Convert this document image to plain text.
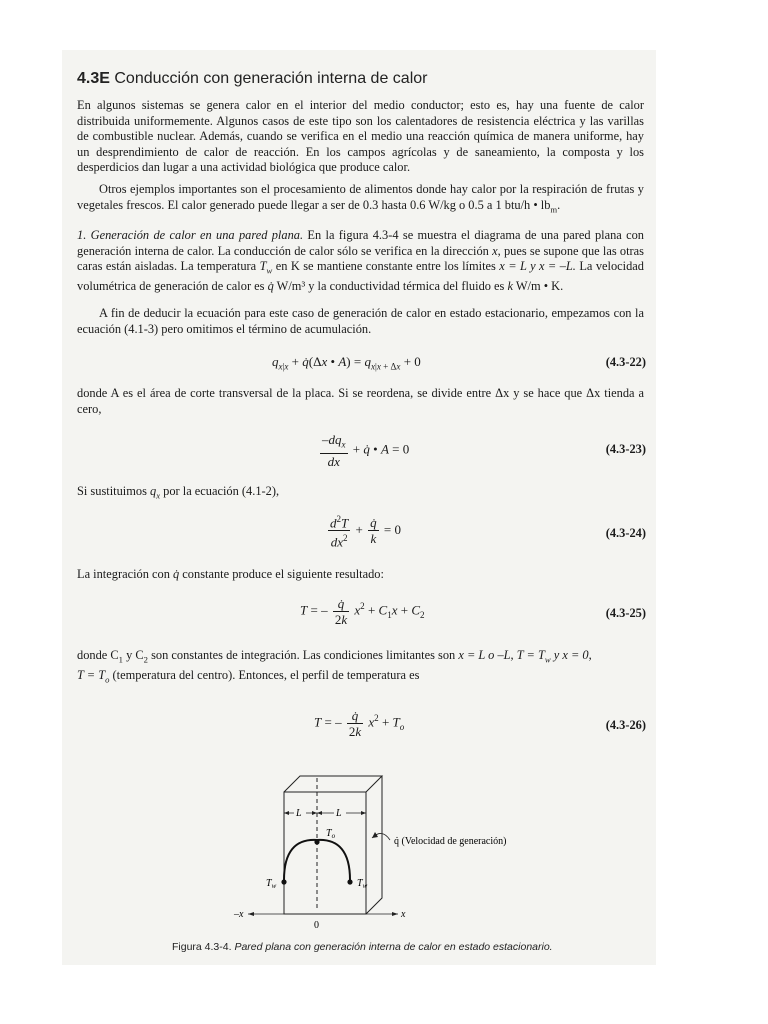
4.3E Conducción con generación interna de calor
En algunos sistemas se genera calor en el interior del medio conductor; esto es, hay una fuente de calor distribuida uniformemente. Algunos casos de este tipo son los calentadores de resistencia eléctrica y las varillas de combustible nuclear. Además, cuando se verifica en el medio una reacción química de manera uniforme, hay un desprendimiento de calor de reacción. En los campos agrícolas y de saneamiento, la composta y los desperdicios dan lugar a una actividad biológica que produce calor.
Otros ejemplos importantes son el procesamiento de alimentos donde hay calor por la respiración de frutas y vegetales frescos. El calor generado puede llegar a ser de 0.3 hasta 0.6 W/kg o 0.5 a 1 btu/h • $lb_m$.
1. Generación de calor en una pared plana. En la figura 4.3-4 se muestra el diagrama de una pared plana con generación interna de calor. La conducción de calor sólo se verifica en la dirección x, pues se supone que las otras caras están aisladas. La temperatura $T_w$ en K se mantiene constante entre los límites x = L y x = –L. La velocidad volumétrica de generación de calor es q̇ W/m³ y la conductividad térmica del fluido es k W/m • K.
A fin de deducir la ecuación para este caso de generación de calor en estado estacionario, empezamos con la ecuación (4.1-3) pero omitimos el término de acumulación.
$q_{x|x}$ + q̇(Δx • $A) = q_{x|x + \Delta x} + 0$	(4.3-22)
donde A es el área de corte transversal de la placa. Si se reordena, se divide entre Δx y se hace que Δx tienda a cero,
$\frac{-dq_x}{dx}$ + q̇ • A = 0	(4.3-23)
Si sustituimos $q_x$ por la ecuación (4.1-2),
$\frac{d^2T}{dx^2} + \frac{q̇}{k} = 0$	(4.3-24)
La integración con q̇ constante produce el siguiente resultado:
T = – $\frac{q̇}{2k} x^2 + C_1x + C_2$	(4.3-25)
donde $C_1$ y $C_2$ son constantes de integración. Las condiciones limitantes son x = L o –L, $T = T_w$ y x = 0,
$T = T_o$ (temperatura del centro). Entonces, el perfil de temperatura es
T = – $\frac{q̇}{2k} x^2 + T_o$	(4.3-26)
L	L
$T_o$
$T_w$	$T_w$
q̇ (Velocidad de generación)
–x	x
0
Figura 4.3-4. Pared plana con generación interna de calor en estado estacionario.
